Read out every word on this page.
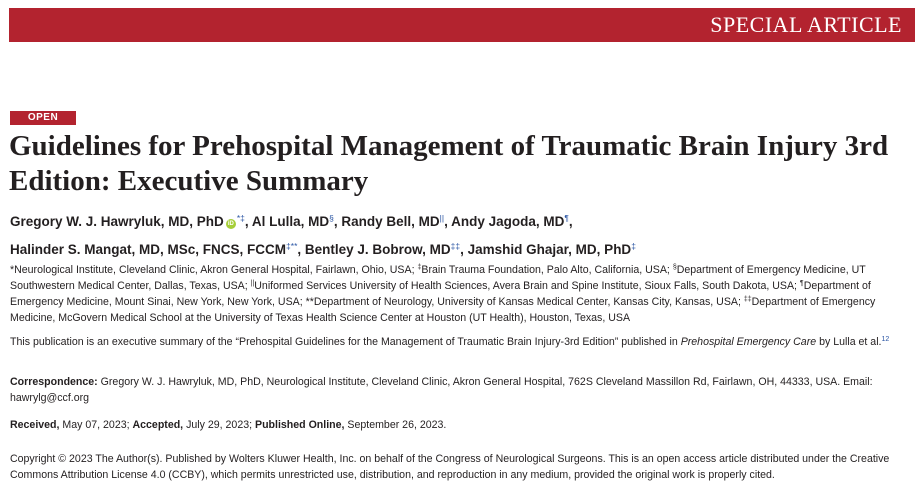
SPECIAL ARTICLE
OPEN
Guidelines for Prehospital Management of Traumatic Brain Injury 3rd Edition: Executive Summary
Gregory W. J. Hawryluk, MD, PhD iD*‡, Al Lulla, MD§, Randy Bell, MD||, Andy Jagoda, MD¶,
Halinder S. Mangat, MD, MSc, FNCS, FCCM‡**, Bentley J. Bobrow, MD‡‡, Jamshid Ghajar, MD, PhD‡
*Neurological Institute, Cleveland Clinic, Akron General Hospital, Fairlawn, Ohio, USA; ‡Brain Trauma Foundation, Palo Alto, California, USA; §Department of Emergency Medicine, UT Southwestern Medical Center, Dallas, Texas, USA; ||Uniformed Services University of Health Sciences, Avera Brain and Spine Institute, Sioux Falls, South Dakota, USA; ¶Department of Emergency Medicine, Mount Sinai, New York, New York, USA; **Department of Neurology, University of Kansas Medical Center, Kansas City, Kansas, USA; ‡‡Department of Emergency Medicine, McGovern Medical School at the University of Texas Health Science Center at Houston (UT Health), Houston, Texas, USA
This publication is an executive summary of the “Prehospital Guidelines for the Management of Traumatic Brain Injury-3rd Edition” published in Prehospital Emergency Care by Lulla et al.$^{12}$
Correspondence: Gregory W. J. Hawryluk, MD, PhD, Neurological Institute, Cleveland Clinic, Akron General Hospital, 762S Cleveland Massillon Rd, Fairlawn, OH, 44333, USA. Email: hawrylg@ccf.org
Received, May 07, 2023; Accepted, July 29, 2023; Published Online, September 26, 2023.
Copyright © 2023 The Author(s). Published by Wolters Kluwer Health, Inc. on behalf of the Congress of Neurological Surgeons. This is an open access article distributed under the Creative Commons Attribution License 4.0 (CCBY), which permits unrestricted use, distribution, and reproduction in any medium, provided the original work is properly cited.
